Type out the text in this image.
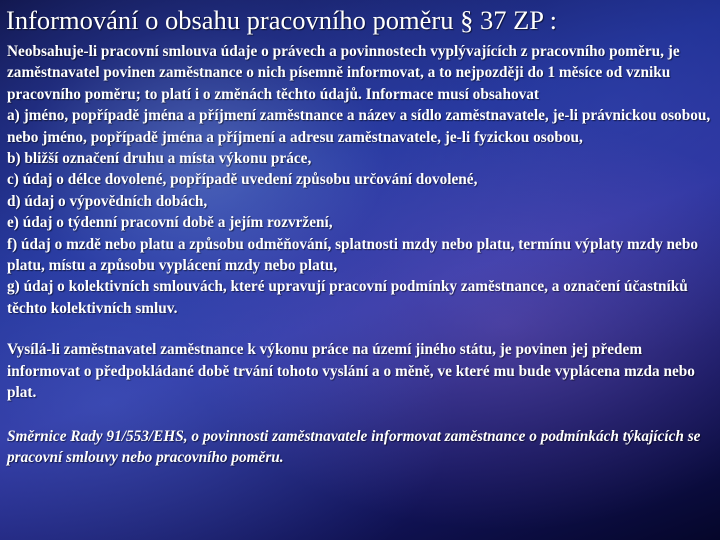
Informování o obsahu pracovního poměru § 37 ZP :

Neobsahuje-li pracovní smlouva údaje o právech a povinnostech vyplývajících z pracovního poměru, je zaměstnavatel povinen zaměstnance o nich písemně informovat, a to nejpozději do 1 měsíce od vzniku pracovního poměru; to platí i o změnách těchto údajů. Informace musí obsahovat

a) jméno, popřípadě jména a příjmení zaměstnance a název a sídlo zaměstnavatele, je-li právnickou osobou, nebo jméno, popřípadě jména a příjmení a adresu zaměstnavatele, je-li fyzickou osobou,

b) bližší označení druhu a místa výkonu práce,

c) údaj o délce dovolené, popřípadě uvedení způsobu určování dovolené,

d) údaj o výpovědních dobách,

e) údaj o týdenní pracovní době a jejím rozvržení,

f) údaj o mzdě nebo platu a způsobu odměňování, splatnosti mzdy nebo platu, termínu výplaty mzdy nebo platu, místu a způsobu vyplácení mzdy nebo platu,

g) údaj o kolektivních smlouvách, které upravují pracovní podmínky zaměstnance, a označení účastníků těchto kolektivních smluv.

Vysílá-li zaměstnavatel zaměstnance k výkonu práce na území jiného státu, je povinen jej předem informovat o předpokládané době trvání tohoto vyslání a o měně, ve které mu bude vyplácena mzda nebo plat.

Směrnice Rady 91/553/EHS, o povinnosti zaměstnavatele informovat zaměstnance o podmínkách týkajících se pracovní smlouvy nebo pracovního poměru.
